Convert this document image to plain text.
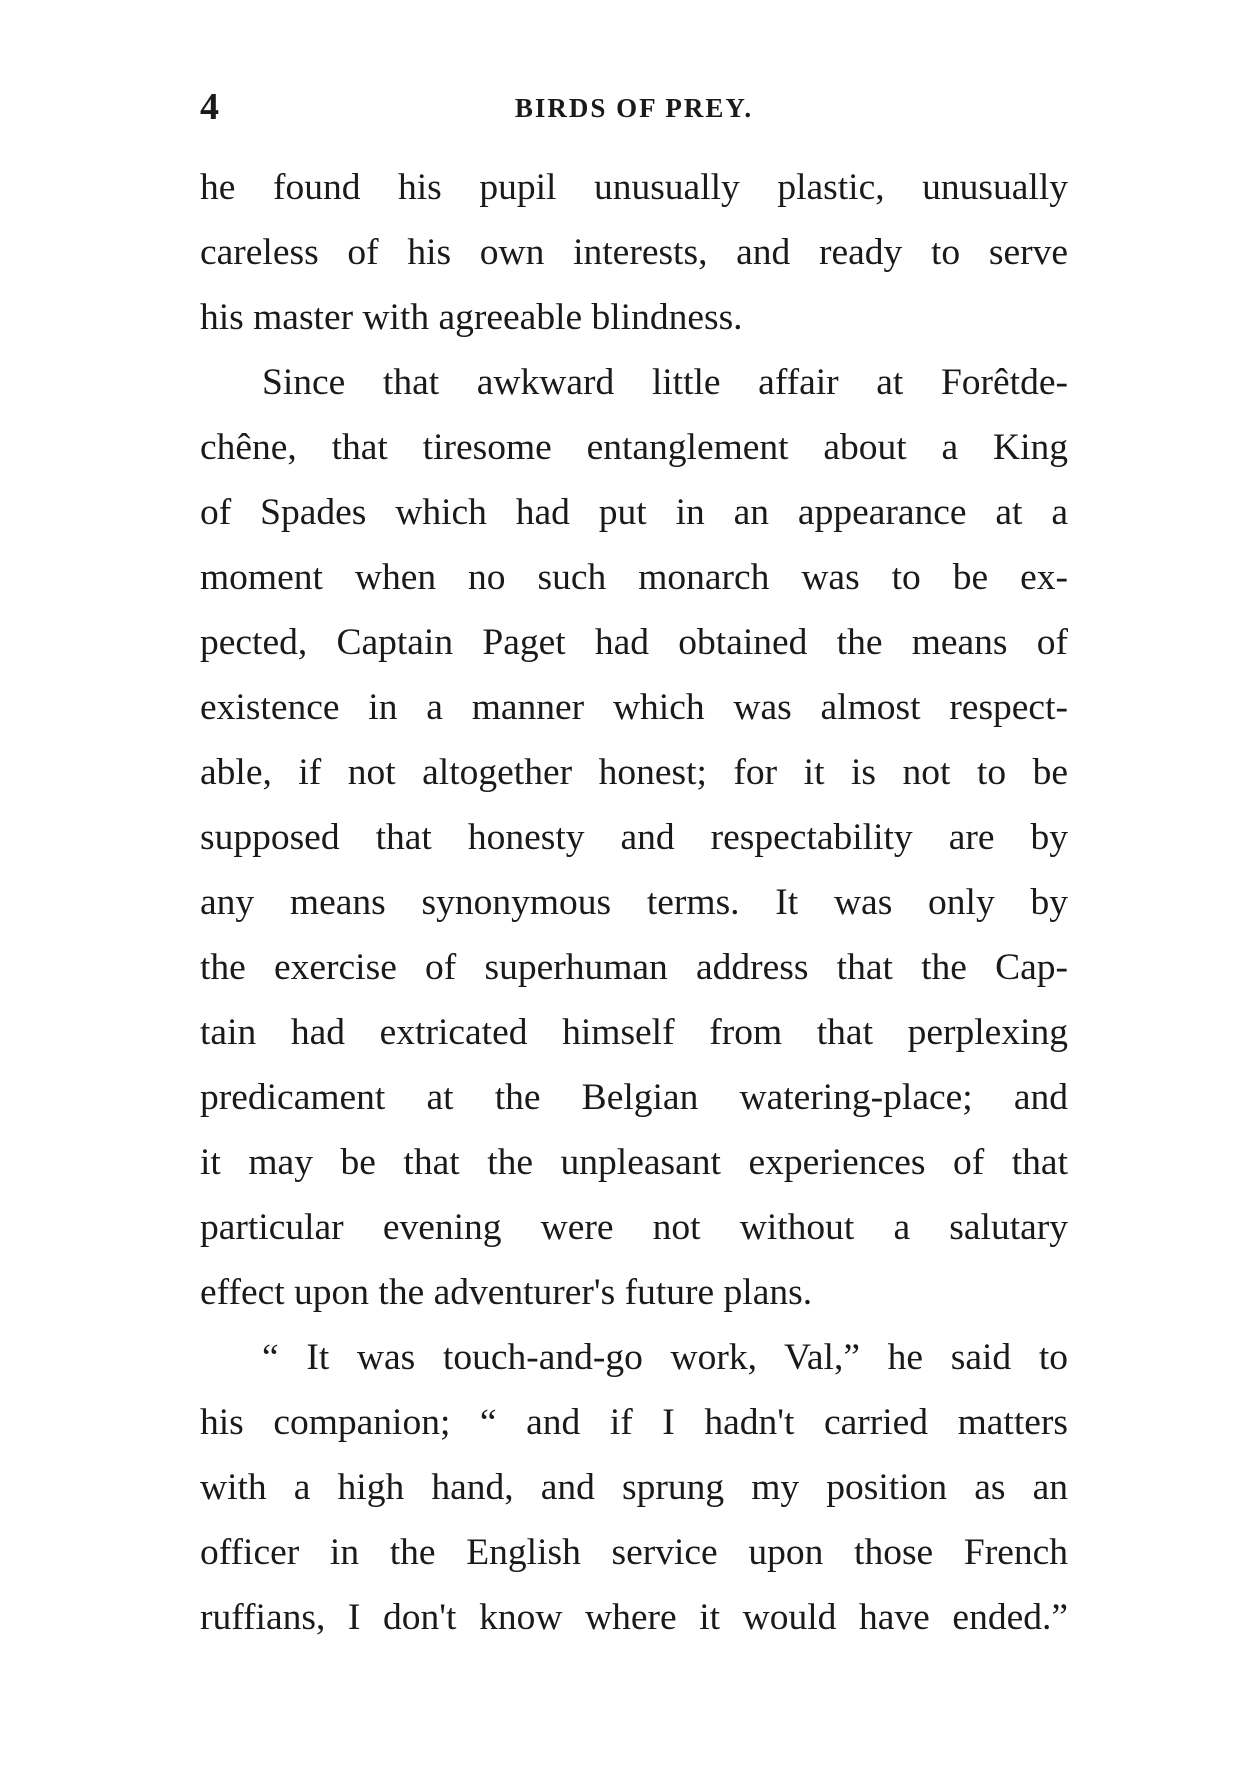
4	BIRDS OF PREY.
he found his pupil unusually plastic, unusually
careless of his own interests, and ready to serve
his master with agreeable blindness.
Since that awkward little affair at Forêtde-
chêne, that tiresome entanglement about a King
of Spades which had put in an appearance at a
moment when no such monarch was to be ex-
pected, Captain Paget had obtained the means of
existence in a manner which was almost respect-
able, if not altogether honest; for it is not to be
supposed that honesty and respectability are by
any means synonymous terms. It was only by
the exercise of superhuman address that the Cap-
tain had extricated himself from that perplexing
predicament at the Belgian watering-place; and
it may be that the unpleasant experiences of that
particular evening were not without a salutary
effect upon the adventurer's future plans.
“ It was touch-and-go work, Val,” he said to
his companion; “ and if I hadn't carried matters
with a high hand, and sprung my position as an
officer in the English service upon those French
ruffians, I don't know where it would have ended.”
